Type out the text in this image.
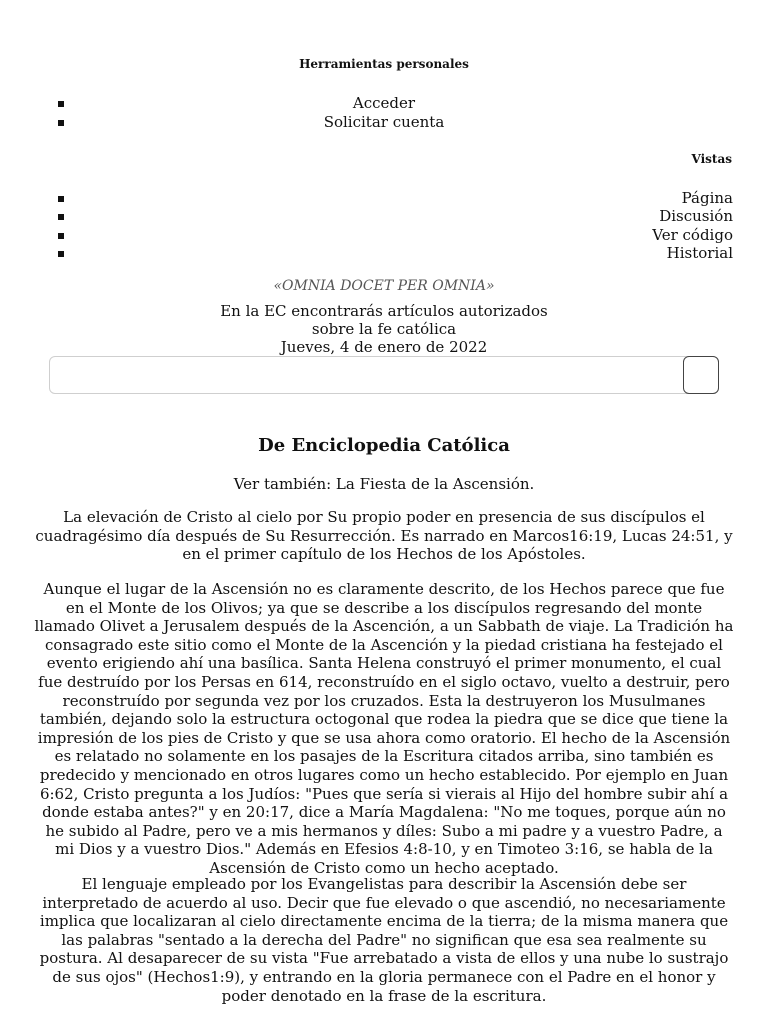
Herramientas personales
Acceder
Solicitar cuenta
Vistas
Página
Discusión
Ver código
Historial
«OMNIA DOCET PER OMNIA»
En la EC encontrarás artículos autorizados
sobre la fe católica
Jueves, 4 de enero de 2022
De Enciclopedia Católica
Ver también: La Fiesta de la Ascensión.

La elevación de Cristo al cielo por Su propio poder en presencia de sus discípulos el cuadragésimo día después de Su Resurrección. Es narrado en Marcos16:19, Lucas 24:51, y en el primer capítulo de los Hechos de los Apóstoles.

Aunque el lugar de la Ascensión no es claramente descrito, de los Hechos parece que fue en el Monte de los Olivos; ya que se describe a los discípulos regresando del monte llamado Olivet a Jerusalem después de la Ascención, a un Sabbath de viaje. La Tradición ha consagrado este sitio como el Monte de la Ascención y la piedad cristiana ha festejado el evento erigiendo ahí una basílica. Santa Helena construyó el primer monumento, el cual fue destruído por los Persas en 614, reconstruído en el siglo octavo, vuelto a destruir, pero reconstruído por segunda vez por los cruzados. Esta la destruyeron los Musulmanes también, dejando solo la estructura octogonal que rodea la piedra que se dice que tiene la impresión de los pies de Cristo y que se usa ahora como oratorio. El hecho de la Ascensión es relatado no solamente en los pasajes de la Escritura citados arriba, sino también es predecido y mencionado en otros lugares como un hecho establecido. Por ejemplo en Juan 6:62, Cristo pregunta a los Judíos: "Pues que sería si vierais al Hijo del hombre subir ahí a donde estaba antes?" y en 20:17, dice a María Magdalena: "No me toques, porque aún no he subido al Padre, pero ve a mis hermanos y díles: Subo a mi padre y a vuestro Padre, a mi Dios y a vuestro Dios." Además en Efesios 4:8-10, y en Timoteo 3:16, se habla de la Ascensión de Cristo como un hecho aceptado.

El lenguaje empleado por los Evangelistas para describir la Ascensión debe ser interpretado de acuerdo al uso. Decir que fue elevado o que ascendió, no necesariamente implica que localizaran al cielo directamente encima de la tierra; de la misma manera que las palabras "sentado a la derecha del Padre" no significan que esa sea realmente su postura. Al desaparecer de su vista "Fue arrebatado a vista de ellos y una nube lo sustrajo de sus ojos" (Hechos1:9), y entrando en la gloria permanece con el Padre en el honor y poder denotado en la frase de la escritura.
